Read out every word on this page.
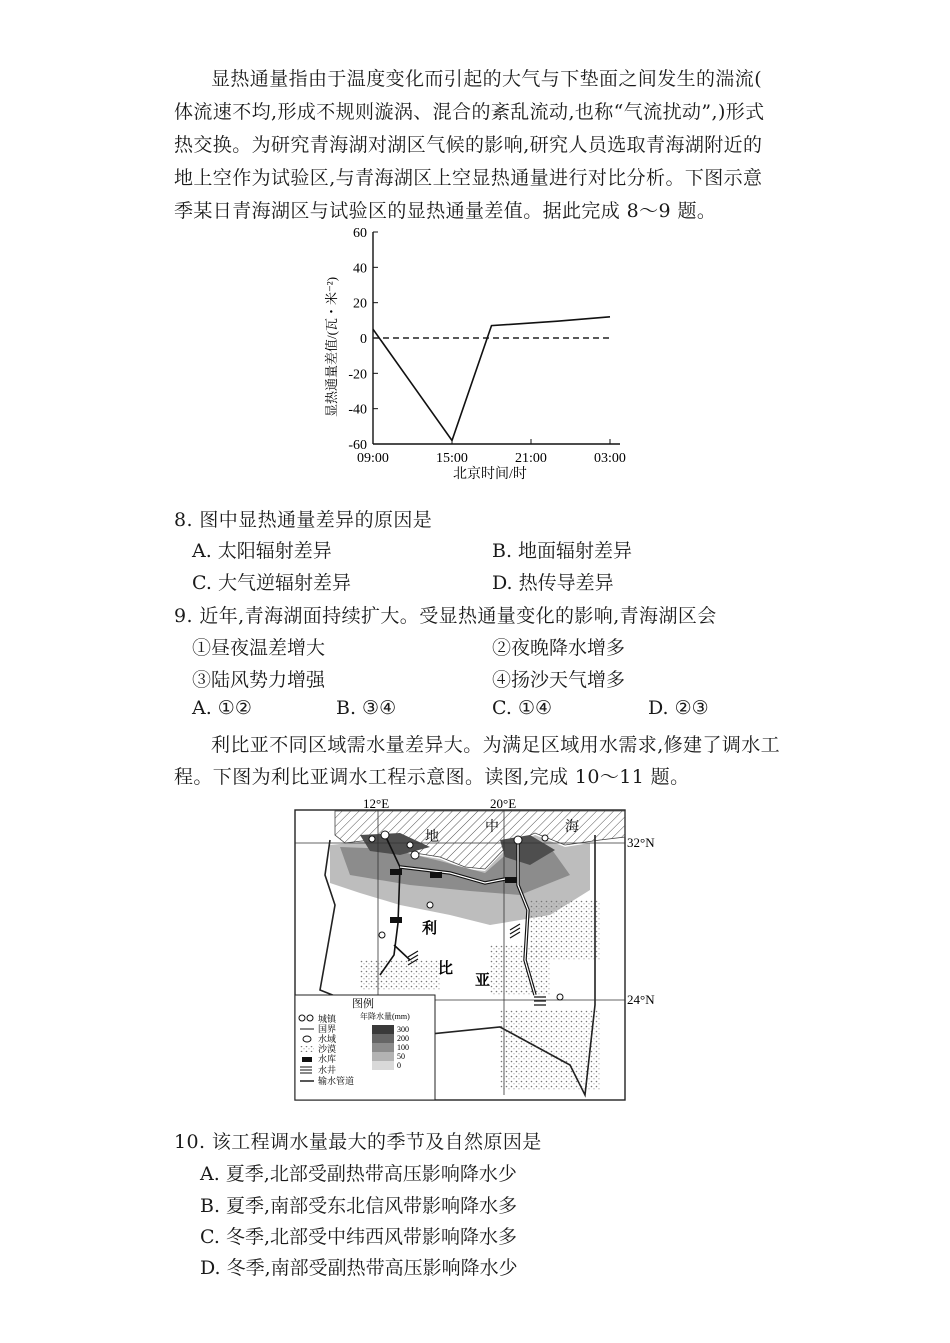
显热通量指由于温度变化而引起的大气与下垫面之间发生的湍流(
体流速不均,形成不规则漩涡、混合的紊乱流动,也称“气流扰动”,)形式
热交换。为研究青海湖对湖区气候的影响,研究人员选取青海湖附近的
地上空作为试验区,与青海湖区上空显热通量进行对比分析。下图示意
季某日青海湖区与试验区的显热通量差值。据此完成 8～9 题。
60
40
20
0
-20
-40
-60
09:00	15:00	21:00	03:00
显热通量差值/(瓦・米⁻²)
北京时间/时
8. 图中显热通量差异的原因是
A. 太阳辐射差异	B. 地面辐射差异
C. 大气逆辐射差异	D. 热传导差异
9. 近年,青海湖面持续扩大。受显热通量变化的影响,青海湖区会
①昼夜温差增大	②夜晚降水增多
③陆风势力增强	④扬沙天气增多
A. ①②	B. ③④	C. ①④	D. ②③
利比亚不同区域需水量差异大。为满足区域用水需求,修建了调水工
程。下图为利比亚调水工程示意图。读图,完成 10～11 题。
12°E	20°E
32°N
24°N
地
中	海
利
比
亚
图例
城镇
国界
水域
沙漠
水库
水井
输水管道
年降水量(mm)
300
200
100
50
0
10. 该工程调水量最大的季节及自然原因是
A. 夏季,北部受副热带高压影响降水少
B. 夏季,南部受东北信风带影响降水多
C. 冬季,北部受中纬西风带影响降水多
D. 冬季,南部受副热带高压影响降水少
